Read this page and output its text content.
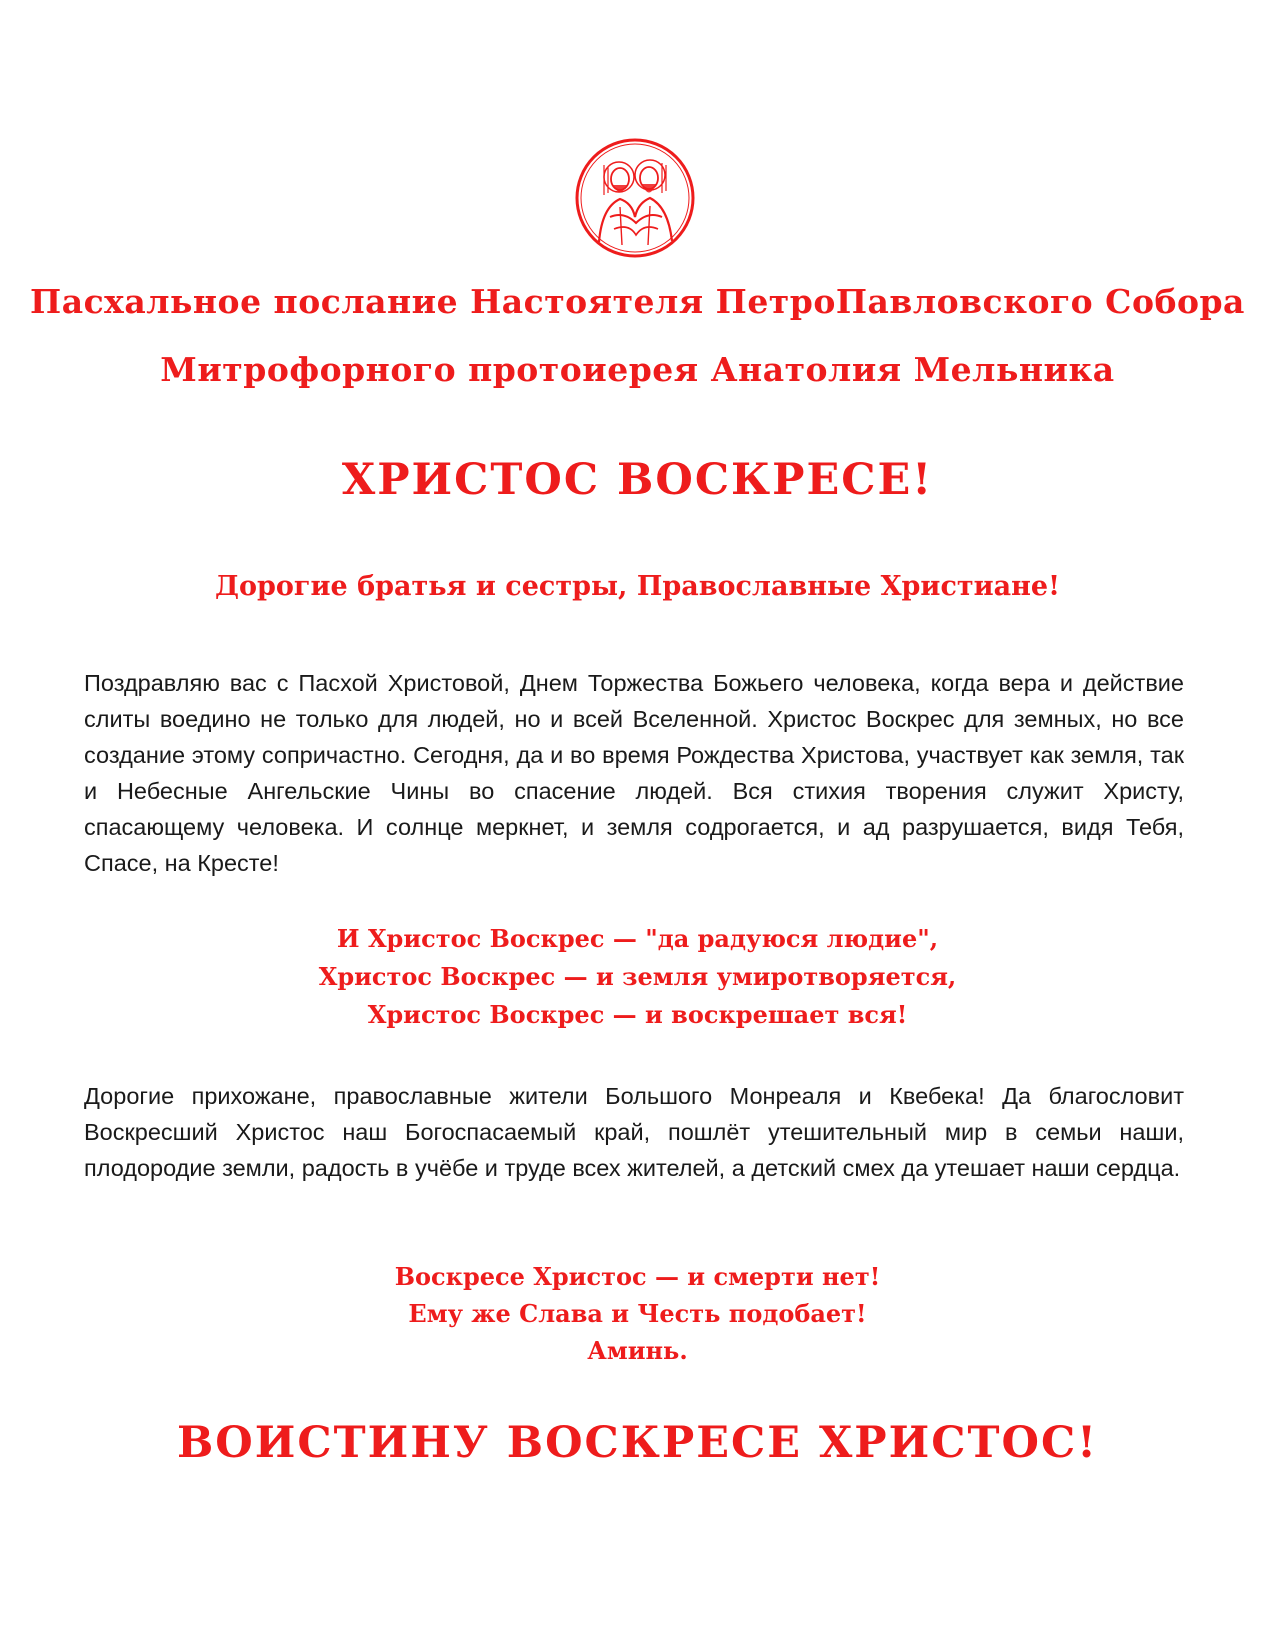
Пасхальное послание Настоятеля ПетроПавловского Собора
Митрофорного протоиерея Анатолия Мельника
ХРИСТОС ВОСКРЕСЕ!
Дорогие братья и сестры, Православные Христиане!
Поздравляю вас с Пасхой Христовой, Днем Торжества Божьего человека, когда вера и действие слиты воедино не только для людей, но и всей Вселенной. Христос Воскрес для земных, но все создание этому сопричастно. Сегодня, да и во время Рождества Христова, участвует как земля, так и Небесные Ангельские Чины во спасение людей. Вся стихия творения служит Христу, спасающему человека. И солнце меркнет, и земля содрогается, и ад разрушается, видя Тебя, Спасе, на Кресте!
И Христос Воскрес — "да радуюся людие",
Христос Воскрес — и земля умиротворяется,
Христос Воскрес — и воскрешает вся!
Дорогие прихожане, православные жители Большого Монреаля и Квебека! Да благословит Воскресший Христос наш Богоспасаемый край, пошлёт утешительный мир в семьи наши, плодородие земли, радость в учёбе и труде всех жителей, а детский смех да утешает наши сердца.
Воскресе Христос — и смерти нет!
Ему же Слава и Честь подобает!
Аминь.
ВОИСТИНУ ВОСКРЕСЕ ХРИСТОС!
